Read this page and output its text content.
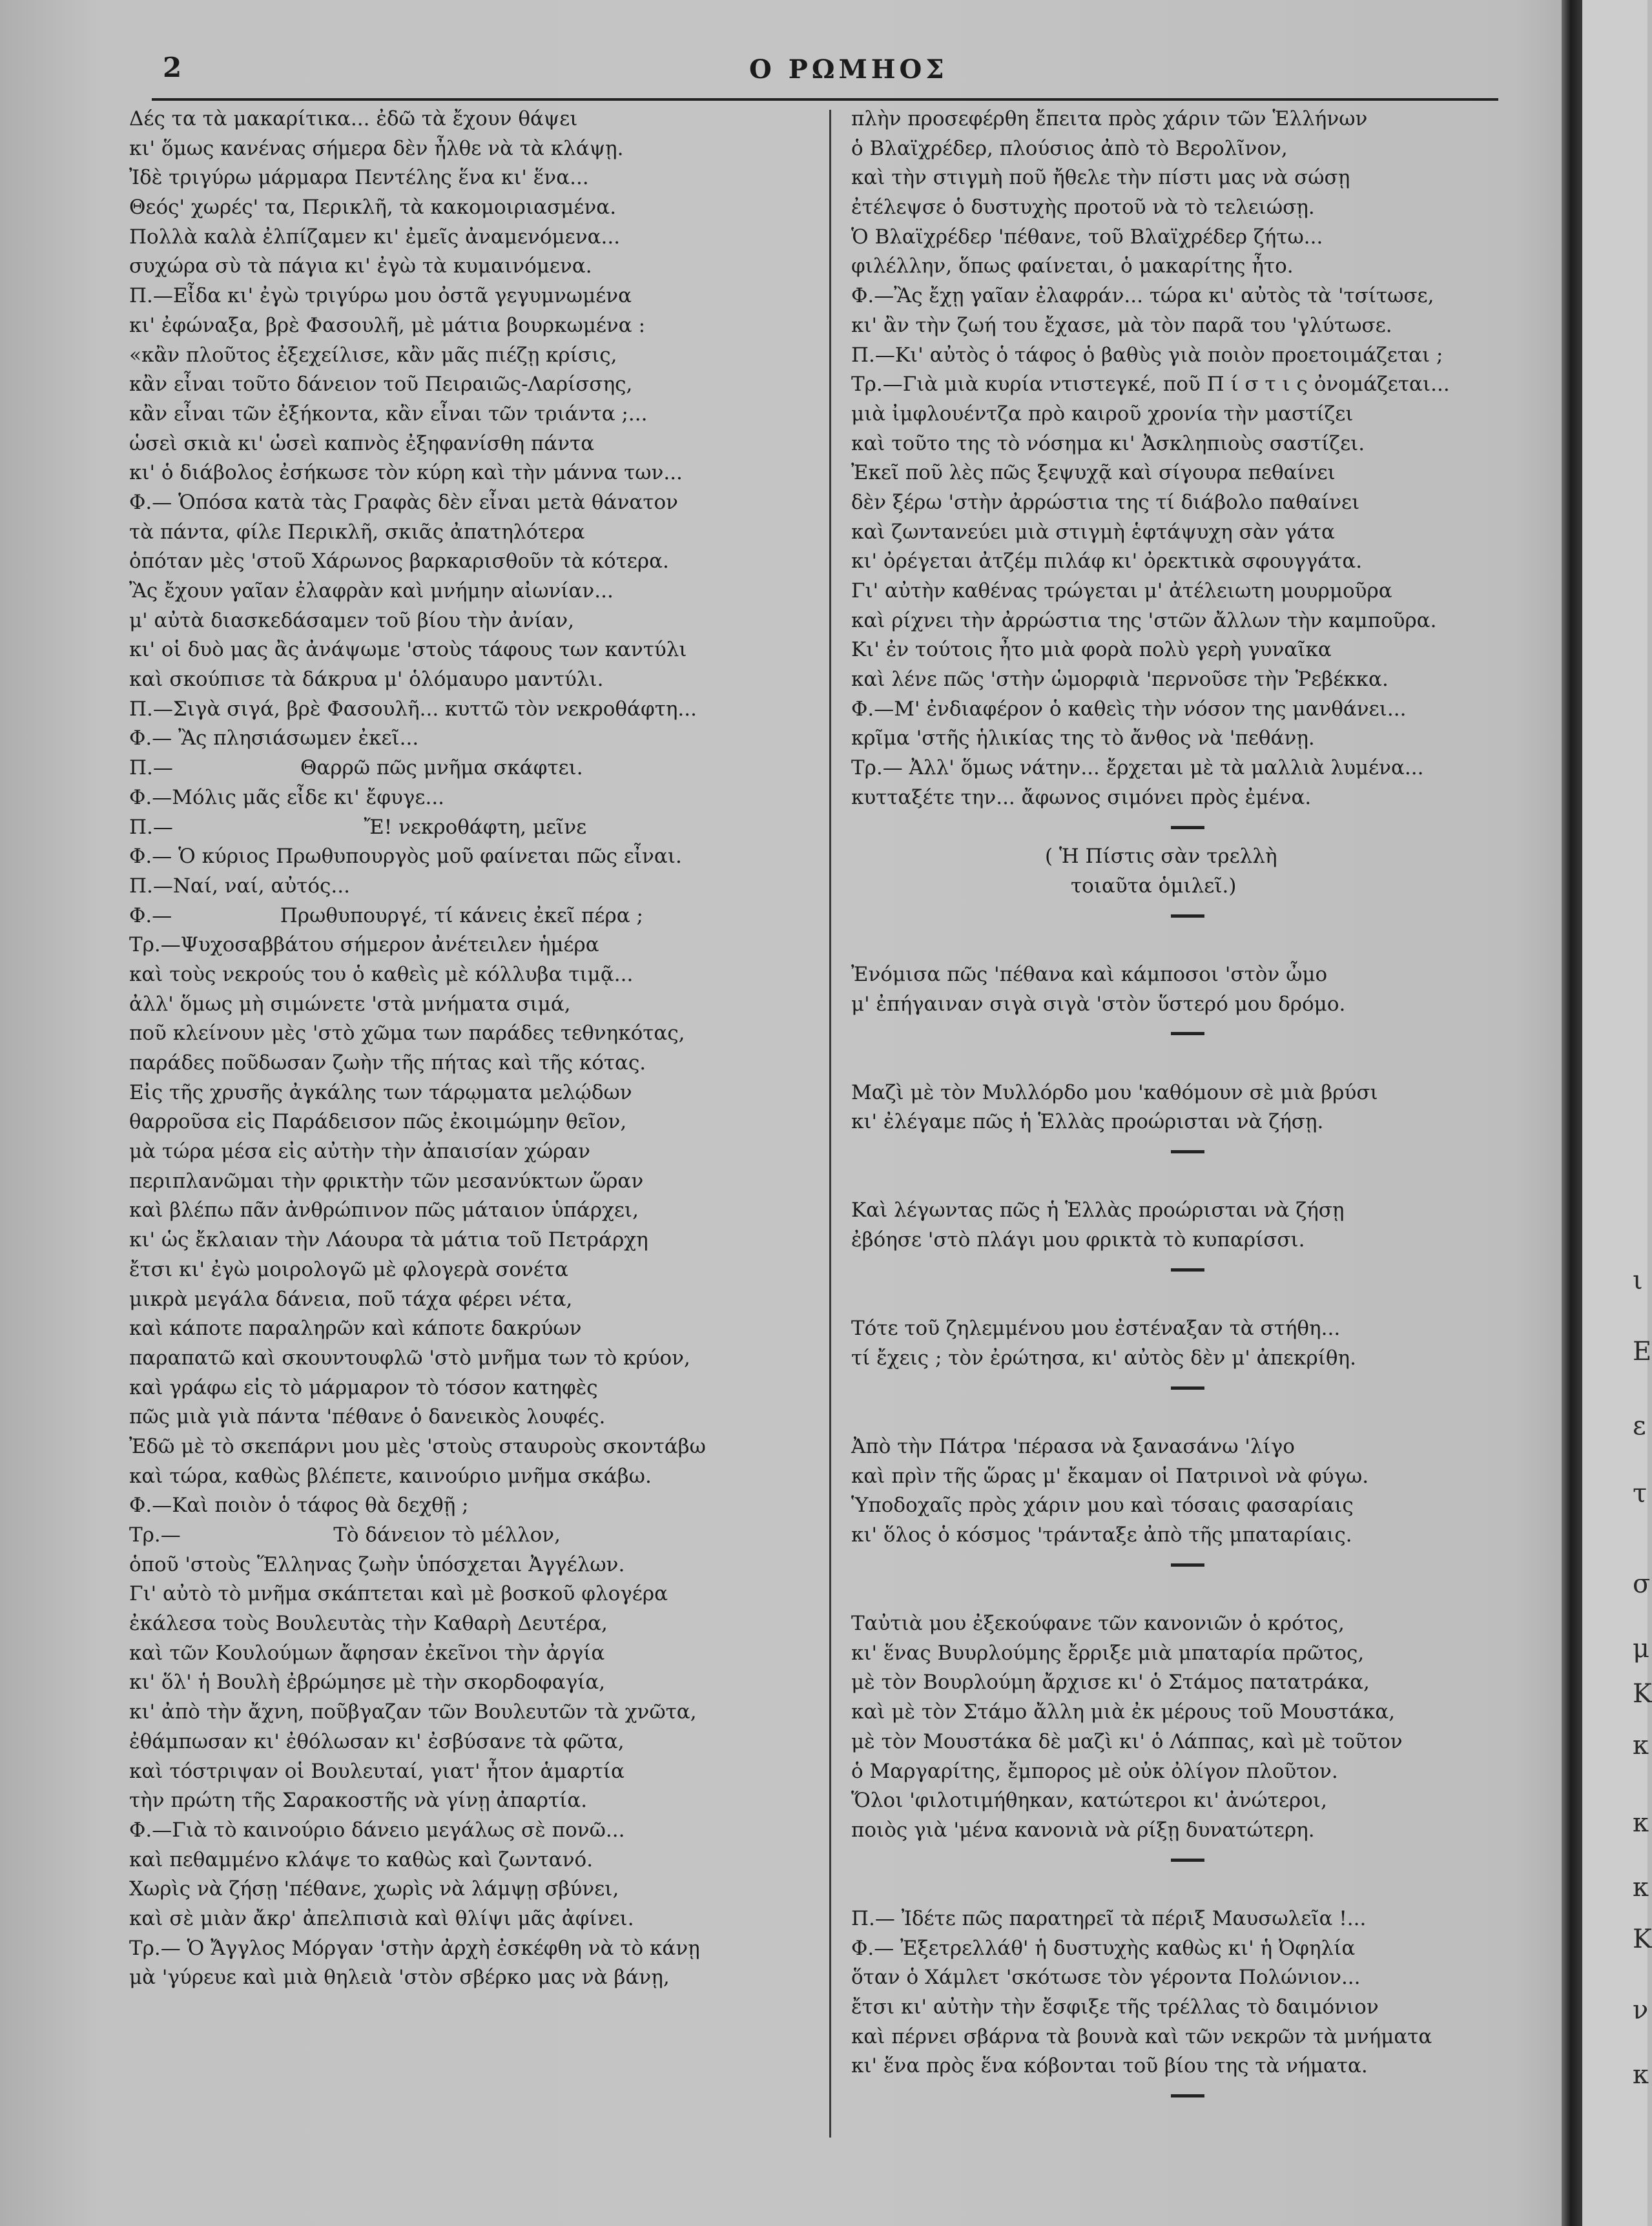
2	Ο ΡΩΜΗΟΣ
Δές τα τὰ μακαρίτικα... ἐδῶ τὰ ἔχουν θάψει
κι' ὅμως κανένας σήμερα δὲν ἦλθε νὰ τὰ κλάψῃ.
Ἰδὲ τριγύρω μάρμαρα Πεντέλης ἕνα κι' ἕνα...
Θεός' χωρές' τα, Περικλῆ, τὰ κακομοιριασμένα.
Πολλὰ καλὰ ἐλπίζαμεν κι' ἐμεῖς ἀναμενόμενα...
συχώρα σὺ τὰ πάγια κι' ἐγὼ τὰ κυμαινόμενα.
Π.—Εἶδα κι' ἐγὼ τριγύρω μου ὀστᾶ γεγυμνωμένα
κι' ἐφώναξα, βρὲ Φασουλῆ, μὲ μάτια βουρκωμένα :
«κἂν πλοῦτος ἐξεχείλισε, κἂν μᾶς πιέζῃ κρίσις,
κἂν εἶναι τοῦτο δάνειον τοῦ Πειραιῶς-Λαρίσσης,
κἂν εἶναι τῶν ἐξήκοντα, κἂν εἶναι τῶν τριάντα ;...
ὡσεὶ σκιὰ κι' ὡσεὶ καπνὸς ἐξηφανίσθη πάντα
κι' ὁ διάβολος ἐσήκωσε τὸν κύρη καὶ τὴν μάννα των...
Φ.— Ὁπόσα κατὰ τὰς Γραφὰς δὲν εἶναι μετὰ θάνατον
τὰ πάντα, φίλε Περικλῆ, σκιᾶς ἀπατηλότερα
ὁπόταν μὲς 'στοῦ Χάρωνος βαρκαρισθοῦν τὰ κότερα.
Ἂς ἔχουν γαῖαν ἐλαφρὰν καὶ μνήμην αἰωνίαν...
μ' αὐτὰ διασκεδάσαμεν τοῦ βίου τὴν ἀνίαν,
κι' οἱ δυὸ μας ἂς ἀνάψωμε 'στοὺς τάφους των καντύλι
καὶ σκούπισε τὰ δάκρυα μ' ὁλόμαυρο μαντύλι.
Π.—Σιγὰ σιγά, βρὲ Φασουλῆ... κυττῶ τὸν νεκροθάφτη...
Φ.— Ἂς πλησιάσωμεν ἐκεῖ...
Π.—                    Θαρρῶ πῶς μνῆμα σκάφτει.
Φ.—Μόλις μᾶς εἶδε κι' ἔφυγε...
Π.—                              Ἔ! νεκροθάφτη, μεῖνε
Φ.— Ὁ κύριος Πρωθυπουργὸς μοῦ φαίνεται πῶς εἶναι.
Π.—Ναί, ναί, αὐτός...
Φ.—                 Πρωθυπουργέ, τί κάνεις ἐκεῖ πέρα ;
Τρ.—Ψυχοσαββάτου σήμερον ἀνέτειλεν ἡμέρα
καὶ τοὺς νεκρούς του ὁ καθεὶς μὲ κόλλυβα τιμᾷ...
ἀλλ' ὅμως μὴ σιμώνετε 'στὰ μνήματα σιμά,
ποῦ κλείνουν μὲς 'στὸ χῶμα των παράδες τεθνηκότας,
παράδες ποῦδωσαν ζωὴν τῆς πήτας καὶ τῆς κότας.
Εἰς τῆς χρυσῆς ἀγκάλης των τάρῳματα μελῴδων
θαρροῦσα εἰς Παράδεισον πῶς ἐκοιμώμην θεῖον,
μὰ τώρα μέσα εἰς αὐτὴν τὴν ἀπαισίαν χώραν
περιπλανῶμαι τὴν φρικτὴν τῶν μεσανύκτων ὥραν
καὶ βλέπω πᾶν ἀνθρώπινον πῶς μάταιον ὑπάρχει,
κι' ὡς ἔκλαιαν τὴν Λάουρα τὰ μάτια τοῦ Πετράρχη
ἔτσι κι' ἐγὼ μοιρολογῶ μὲ φλογερὰ σονέτα
μικρὰ μεγάλα δάνεια, ποῦ τάχα φέρει νέτα,
καὶ κάποτε παραληρῶν καὶ κάποτε δακρύων
παραπατῶ καὶ σκουντουφλῶ 'στὸ μνῆμα των τὸ κρύον,
καὶ γράφω εἰς τὸ μάρμαρον τὸ τόσον κατηφὲς
πῶς μιὰ γιὰ πάντα 'πέθανε ὁ δανεικὸς λουφές.
Ἐδῶ μὲ τὸ σκεπάρνι μου μὲς 'στοὺς σταυροὺς σκοντάβω
καὶ τώρα, καθὼς βλέπετε, καινούριο μνῆμα σκάβω.
Φ.—Καὶ ποιὸν ὁ τάφος θὰ δεχθῇ ;
Τρ.—                        Τὸ δάνειον τὸ μέλλον,
ὁποῦ 'στοὺς Ἕλληνας ζωὴν ὑπόσχεται Ἀγγέλων.
Γι' αὐτὸ τὸ μνῆμα σκάπτεται καὶ μὲ βοσκοῦ φλογέρα
ἐκάλεσα τοὺς Βουλευτὰς τὴν Καθαρὴ Δευτέρα,
καὶ τῶν Κουλούμων ἄφησαν ἐκεῖνοι τὴν ἀργία
κι' ὅλ' ἡ Βουλὴ ἐβρώμησε μὲ τὴν σκορδοφαγία,
κι' ἀπὸ τὴν ἄχνη, ποῦβγαζαν τῶν Βουλευτῶν τὰ χνῶτα,
ἐθάμπωσαν κι' ἐθόλωσαν κι' ἐσβύσανε τὰ φῶτα,
καὶ τόστριψαν οἱ Βουλευταί, γιατ' ἦτον ἁμαρτία
τὴν πρώτη τῆς Σαρακοστῆς νὰ γίνῃ ἀπαρτία.
Φ.—Γιὰ τὸ καινούριο δάνειο μεγάλως σὲ πονῶ...
καὶ πεθαμμένο κλάψε το καθὼς καὶ ζωντανό.
Χωρὶς νὰ ζήσῃ 'πέθανε, χωρὶς νὰ λάμψῃ σβύνει,
καὶ σὲ μιὰν ἄκρ' ἀπελπισιὰ καὶ θλίψι μᾶς ἀφίνει.
Τρ.— Ὁ Ἄγγλος Μόργαν 'στὴν ἀρχὴ ἐσκέφθη νὰ τὸ κάνῃ
μὰ 'γύρευε καὶ μιὰ θηλειὰ 'στὸν σβέρκο μας νὰ βάνῃ,
πλὴν προσεφέρθη ἔπειτα πρὸς χάριν τῶν Ἑλλήνων
ὁ Βλαϊχρέδερ, πλούσιος ἀπὸ τὸ Βερολῖνον,
καὶ τὴν στιγμὴ ποῦ ἤθελε τὴν πίστι μας νὰ σώσῃ
ἐτέλεψσε ὁ δυστυχὴς προτοῦ νὰ τὸ τελειώσῃ.
Ὁ Βλαϊχρέδερ 'πέθανε, τοῦ Βλαϊχρέδερ ζήτω...
φιλέλλην, ὅπως φαίνεται, ὁ μακαρίτης ἦτο.
Φ.—Ἂς ἔχῃ γαῖαν ἐλαφράν... τώρα κι' αὐτὸς τὰ 'τσίτωσε,
κι' ἂν τὴν ζωή του ἔχασε, μὰ τὸν παρᾶ του 'γλύτωσε.
Π.—Κι' αὐτὸς ὁ τάφος ὁ βαθὺς γιὰ ποιὸν προετοιμάζεται ;
Τρ.—Γιὰ μιὰ κυρία ντιστεγκέ, ποῦ Π ί σ τ ι ς ὀνομάζεται...
μιὰ ἰμφλουέντζα πρὸ καιροῦ χρονία τὴν μαστίζει
καὶ τοῦτο της τὸ νόσημα κι' Ἀσκληπιοὺς σαστίζει.
Ἐκεῖ ποῦ λὲς πῶς ξεψυχᾷ καὶ σίγουρα πεθαίνει
δὲν ξέρω 'στὴν ἀρρώστια της τί διάβολο παθαίνει
καὶ ζωντανεύει μιὰ στιγμὴ ἑφτάψυχη σὰν γάτα
κι' ὀρέγεται ἀτζέμ πιλάφ κι' ὀρεκτικὰ σφουγγάτα.
Γι' αὐτὴν καθένας τρώγεται μ' ἀτέλειωτη μουρμοῦρα
καὶ ρίχνει τὴν ἀρρώστια της 'στῶν ἄλλων τὴν καμποῦρα.
Κι' ἐν τούτοις ἦτο μιὰ φορὰ πολὺ γερὴ γυναῖκα
καὶ λένε πῶς 'στὴν ὡμορφιὰ 'περνοῦσε τὴν Ῥεβέκκα.
Φ.—Μ' ἐνδιαφέρον ὁ καθεὶς τὴν νόσον της μανθάνει...
κρῖμα 'στῆς ἡλικίας της τὸ ἄνθος νὰ 'πεθάνῃ.
Τρ.— Ἀλλ' ὅμως νάτην... ἔρχεται μὲ τὰ μαλλιὰ λυμένα...
κυτταξέτε την... ἄφωνος σιμόνει πρὸς ἐμένα.
( Ἡ Πίστις σὰν τρελλὴ
τοιαῦτα ὁμιλεῖ.)
Ἐνόμισα πῶς 'πέθανα καὶ κάμποσοι 'στὸν ὦμο
μ' ἐπήγαιναν σιγὰ σιγὰ 'στὸν ὕστερό μου δρόμο.
Μαζὶ μὲ τὸν Μυλλόρδο μου 'καθόμουν σὲ μιὰ βρύσι
κι' ἐλέγαμε πῶς ἡ Ἑλλὰς προώρισται νὰ ζήσῃ.
Καὶ λέγωντας πῶς ἡ Ἑλλὰς προώρισται νὰ ζήσῃ
ἐβόησε 'στὸ πλάγι μου φρικτὰ τὸ κυπαρίσσι.
Τότε τοῦ ζηλεμμένου μου ἐστέναξαν τὰ στήθη...
τί ἔχεις ; τὸν ἐρώτησα, κι' αὐτὸς δὲν μ' ἀπεκρίθη.
Ἀπὸ τὴν Πάτρα 'πέρασα νὰ ξανασάνω 'λίγο
καὶ πρὶν τῆς ὥρας μ' ἔκαμαν οἱ Πατρινοὶ νὰ φύγω.
Ὑποδοχαῖς πρὸς χάριν μου καὶ τόσαις φασαρίαις
κι' ὅλος ὁ κόσμος 'τράνταξε ἀπὸ τῆς μπαταρίαις.
Ταὐτιὰ μου ἐξεκούφανε τῶν κανονιῶν ὁ κρότος,
κι' ἕνας Βυυρλούμης ἔρριξε μιὰ μπαταρία πρῶτος,
μὲ τὸν Βουρλούμη ἄρχισε κι' ὁ Στάμος πατατράκα,
καὶ μὲ τὸν Στάμο ἄλλη μιὰ ἐκ μέρους τοῦ Μουστάκα,
μὲ τὸν Μουστάκα δὲ μαζὶ κι' ὁ Λάππας, καὶ μὲ τοῦτον
ὁ Μαργαρίτης, ἔμπορος μὲ οὐκ ὀλίγον πλοῦτον.
Ὅλοι 'φιλοτιμήθηκαν, κατώτεροι κι' ἀνώτεροι,
ποιὸς γιὰ 'μένα κανονιὰ νὰ ρίξῃ δυνατώτερη.
Π.— Ἰδέτε πῶς παρατηρεῖ τὰ πέριξ Μαυσωλεῖα !...
Φ.— Ἐξετρελλάθ' ἡ δυστυχὴς καθὼς κι' ἡ Ὀφηλία
ὅταν ὁ Χάμλετ 'σκότωσε τὸν γέροντα Πολώνιον...
ἔτσι κι' αὐτὴν τὴν ἔσφιξε τῆς τρέλλας τὸ δαιμόνιον
καὶ πέρνει σβάρνα τὰ βουνὰ καὶ τῶν νεκρῶν τὰ μνήματα
κι' ἕνα πρὸς ἕνα κόβονται τοῦ βίου της τὰ νήματα.
ι
Ε
ε
τ
σ
μ
Κ
κ
κ
κ
Κ
ν
κ
